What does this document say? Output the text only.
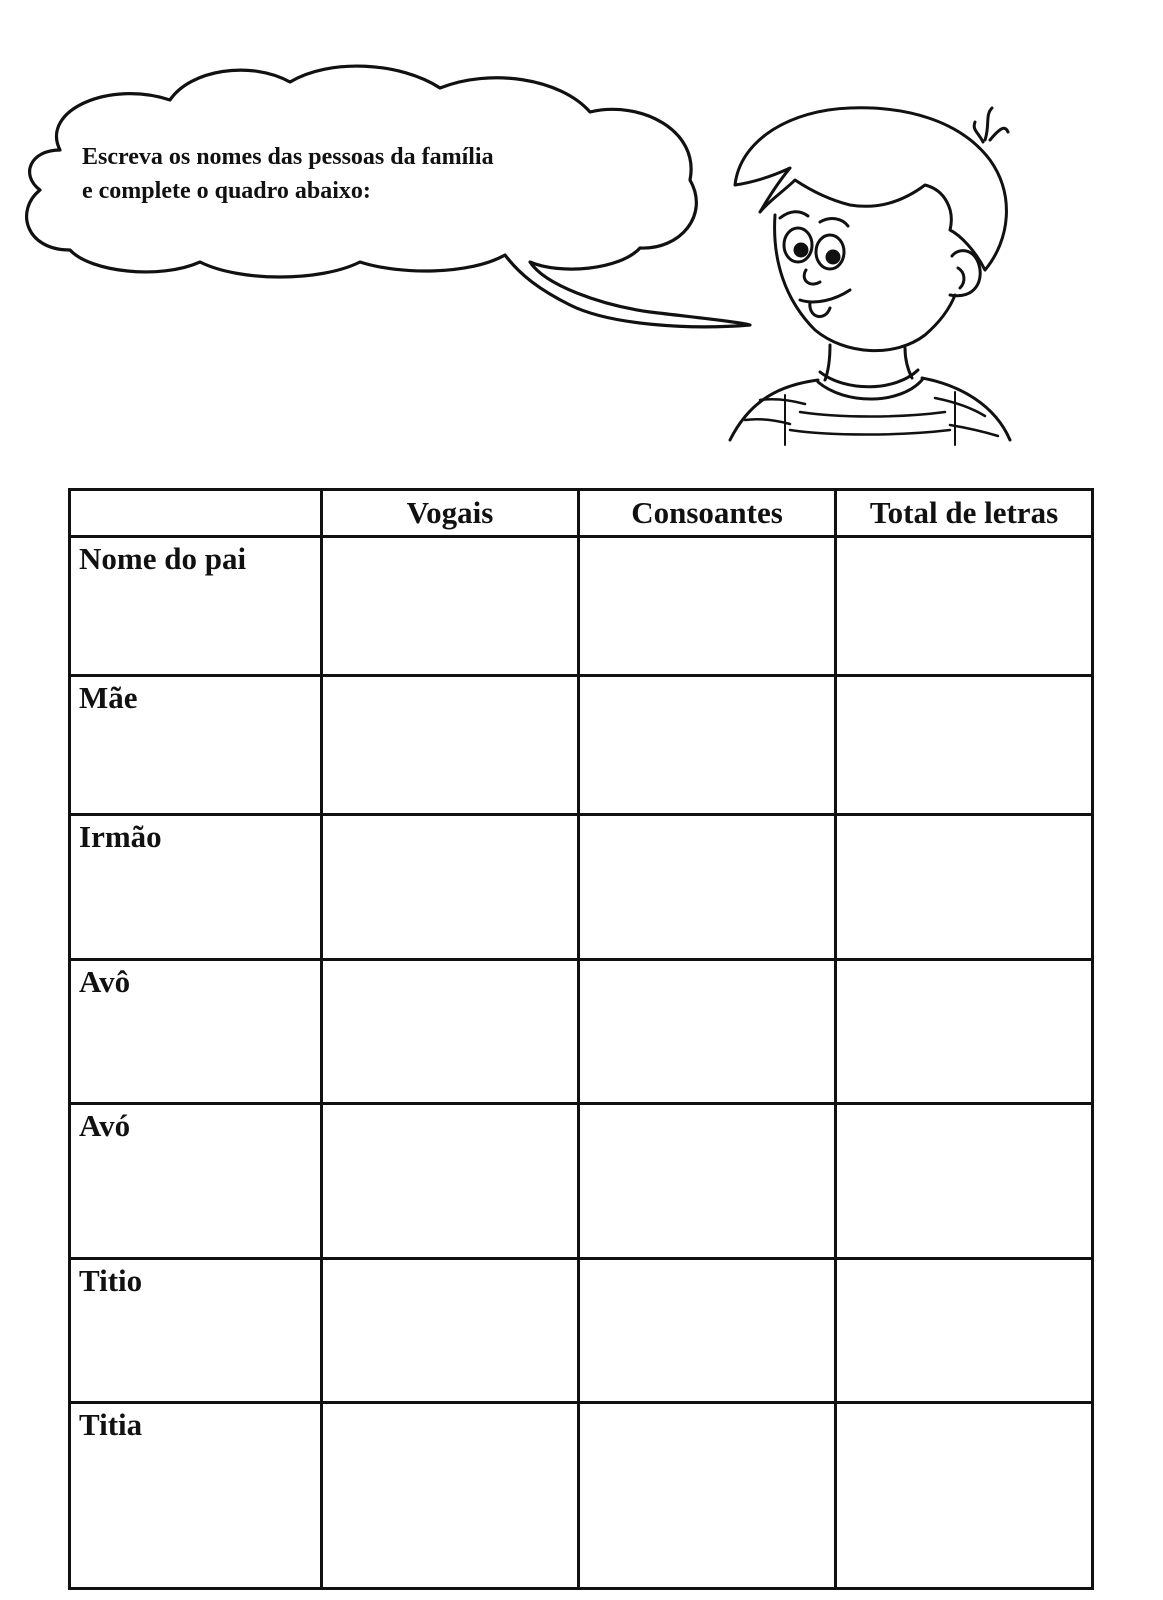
Escreva os nomes das pessoas da família
e complete o quadro abaixo:
	Vogais	Consoantes	Total de letras
Nome do pai			
Mãe			
Irmão			
Avô			
Avó			
Titio			
Titia			
